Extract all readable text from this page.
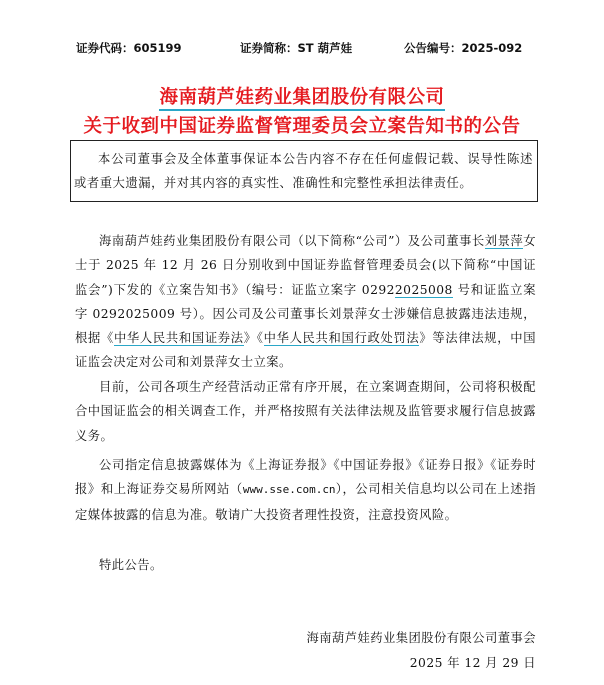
证券代码：605199	证券简称：ST 葫芦娃	公告编号：2025-092
海南葫芦娃药业集团股份有限公司
关于收到中国证券监督管理委员会立案告知书的公告

本公司董事会及全体董事保证本公告内容不存在任何虚假记载、误导性陈述或者重大遗漏，并对其内容的真实性、准确性和完整性承担法律责任。

海南葫芦娃药业集团股份有限公司（以下简称“公司”）及公司董事长刘景萍女士于 2025 年 12 月 26 日分别收到中国证券监督管理委员会(以下简称“中国证监会”)下发的《立案告知书》（编号：证监立案字 02922025008 号和证监立案字 0292025009 号）。因公司及公司董事长刘景萍女士涉嫌信息披露违法违规，根据《中华人民共和国证券法》《中华人民共和国行政处罚法》等法律法规，中国证监会决定对公司和刘景萍女士立案。

目前，公司各项生产经营活动正常有序开展，在立案调查期间，公司将积极配合中国证监会的相关调查工作，并严格按照有关法律法规及监管要求履行信息披露义务。

公司指定信息披露媒体为《上海证券报》《中国证券报》《证券日报》《证券时报》和上海证券交易所网站（www.sse.com.cn），公司相关信息均以公司在上述指定媒体披露的信息为准。敬请广大投资者理性投资，注意投资风险。

特此公告。

海南葫芦娃药业集团股份有限公司董事会
2025 年 12 月 29 日
